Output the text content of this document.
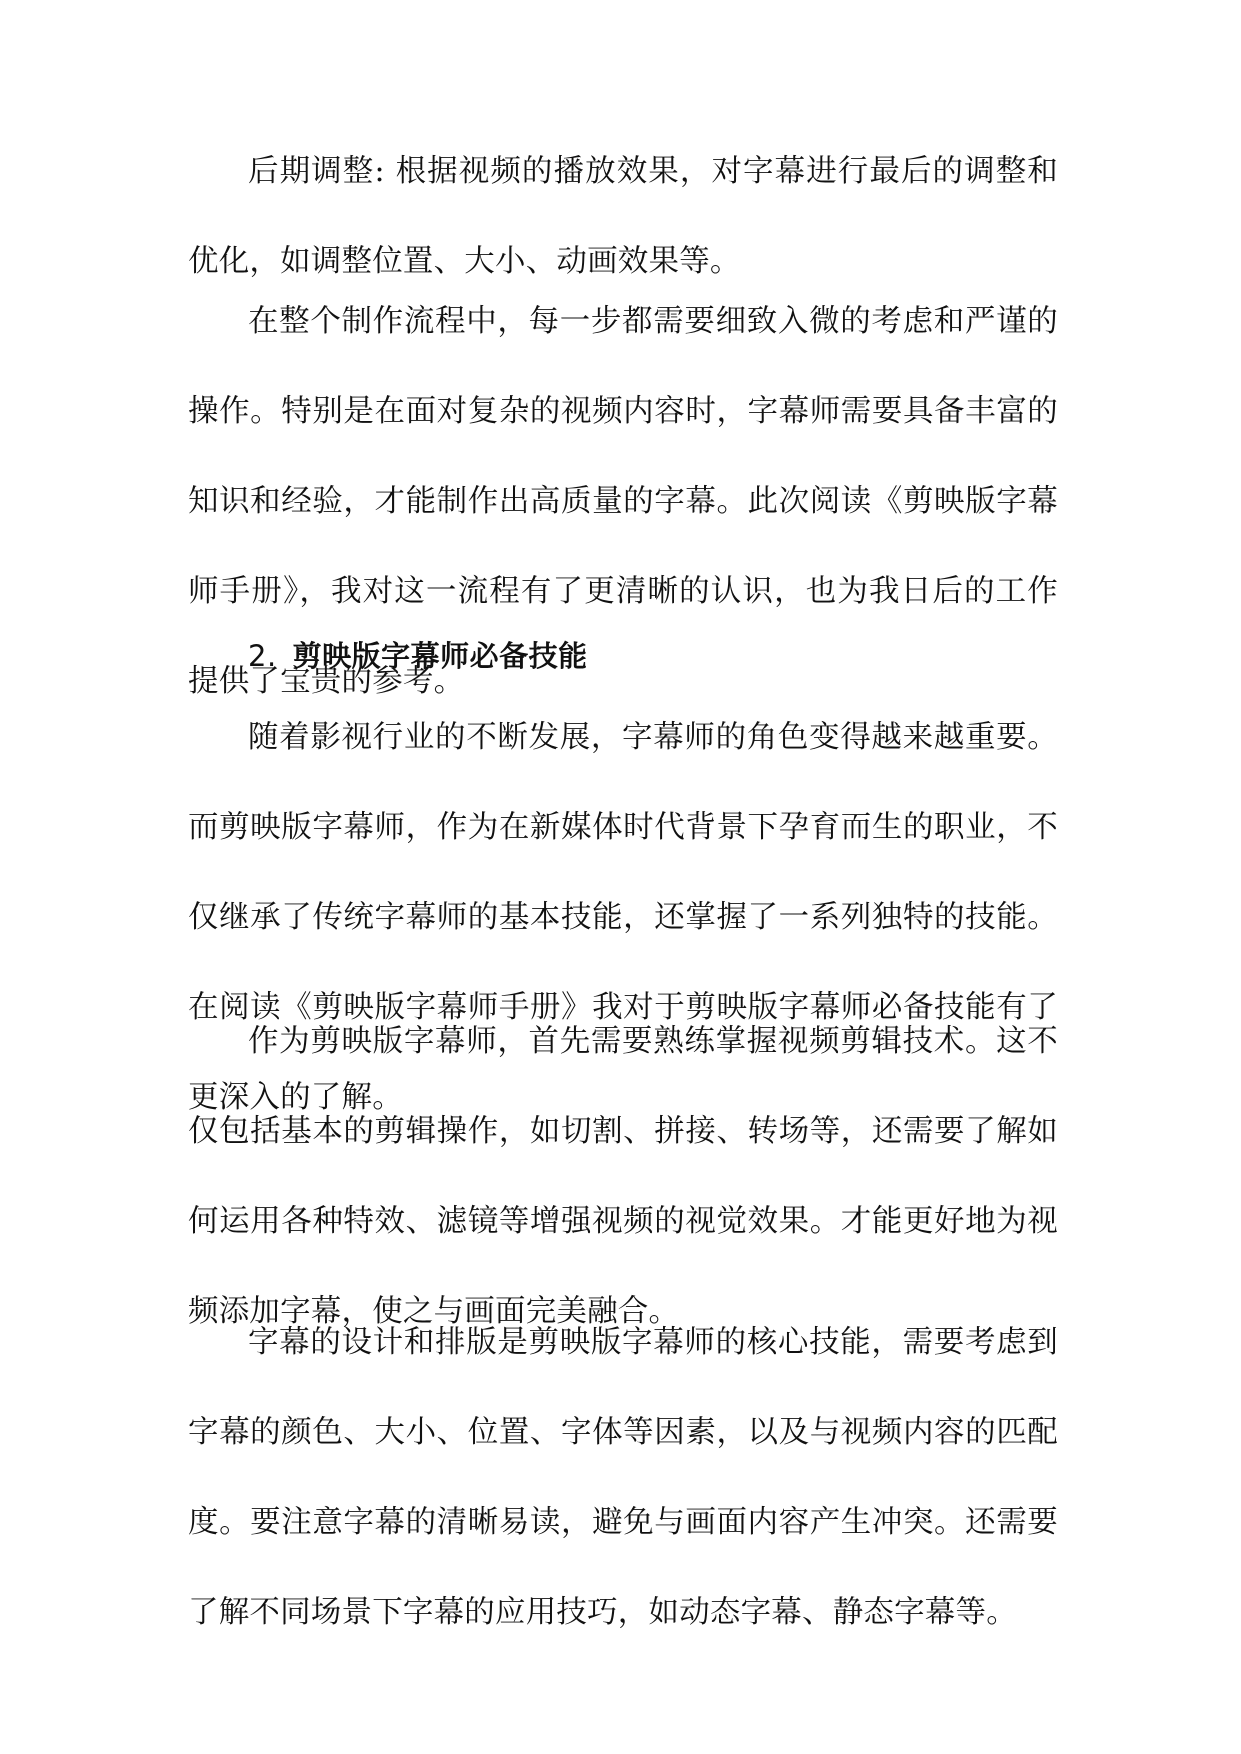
后期调整: 根据视频的播放效果，对字幕进行最后的调整和优化，如调整位置、大小、动画效果等。

在整个制作流程中，每一步都需要细致入微的考虑和严谨的操作。特别是在面对复杂的视频内容时，字幕师需要具备丰富的知识和经验，才能制作出高质量的字幕。此次阅读《剪映版字幕师手册》，我对这一流程有了更清晰的认识，也为我日后的工作提供了宝贵的参考。

2. 剪映版字幕师必备技能

随着影视行业的不断发展，字幕师的角色变得越来越重要。而剪映版字幕师，作为在新媒体时代背景下孕育而生的职业，不仅继承了传统字幕师的基本技能，还掌握了一系列独特的技能。在阅读《剪映版字幕师手册》我对于剪映版字幕师必备技能有了更深入的了解。

作为剪映版字幕师，首先需要熟练掌握视频剪辑技术。这不仅包括基本的剪辑操作，如切割、拼接、转场等，还需要了解如何运用各种特效、滤镜等增强视频的视觉效果。才能更好地为视频添加字幕，使之与画面完美融合。

字幕的设计和排版是剪映版字幕师的核心技能，需要考虑到字幕的颜色、大小、位置、字体等因素，以及与视频内容的匹配度。要注意字幕的清晰易读，避免与画面内容产生冲突。还需要了解不同场景下字幕的应用技巧，如动态字幕、静态字幕等。
